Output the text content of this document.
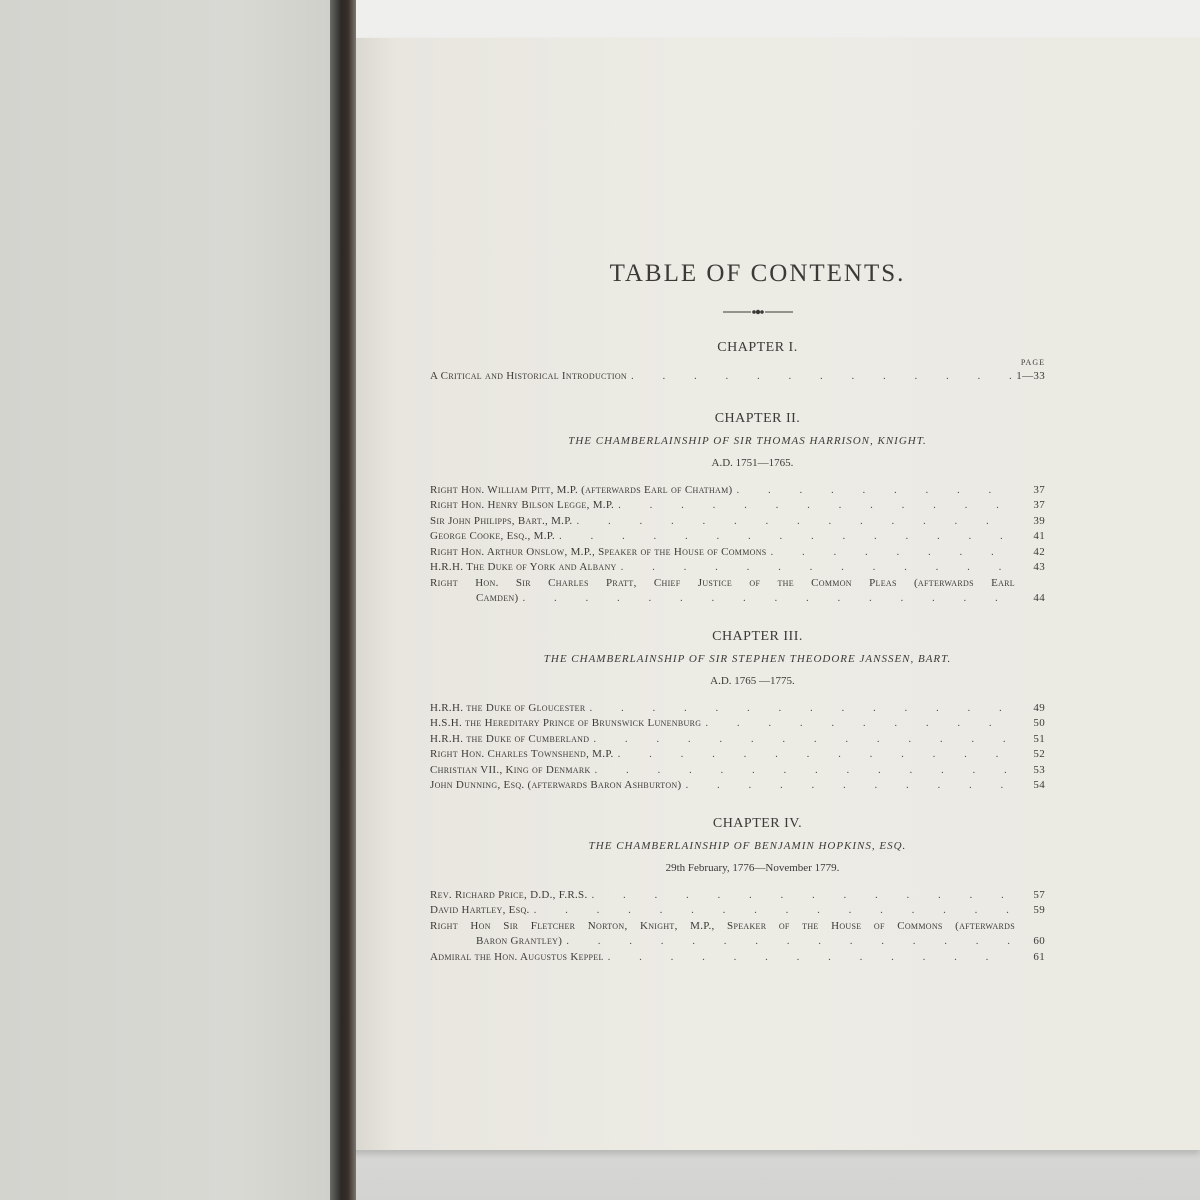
TABLE OF CONTENTS.
CHAPTER I.
PAGE
A Critical and Historical Introduction . . .	1—33
CHAPTER II.
THE CHAMBERLAINSHIP OF SIR THOMAS HARRISON, KNIGHT.
A.D. 1751—1765.
Right Hon. William Pitt, M.P. (afterwards Earl of Chatham) . . .	37
Right Hon. Henry Bilson Legge, M.P. . . .	37
Sir John Philipps, Bart., M.P. . . .	39
George Cooke, Esq., M.P. . . .	41
Right Hon. Arthur Onslow, M.P., Speaker of the House of Commons . . .	42
H.R.H. The Duke of York and Albany . . .	43
Right Hon. Sir Charles Pratt, Chief Justice of the Common Pleas (afterwards Earl
Camden) . . .	44
CHAPTER III.
THE CHAMBERLAINSHIP OF SIR STEPHEN THEODORE JANSSEN, BART.
A.D. 1765 —1775.
H.R.H. the Duke of Gloucester . . .	49
H.S.H. the Hereditary Prince of Brunswick Lunenburg . . .	50
H.R.H. the Duke of Cumberland . . .	51
Right Hon. Charles Townshend, M.P. . . .	52
Christian VII., King of Denmark . . .	53
John Dunning, Esq. (afterwards Baron Ashburton) . . .	54
CHAPTER IV.
THE CHAMBERLAINSHIP OF BENJAMIN HOPKINS, ESQ.
29th February, 1776—November 1779.
Rev. Richard Price, D.D., F.R.S. . . .	57
David Hartley, Esq. . . .	59
Right Hon Sir Fletcher Norton, Knight, M.P., Speaker of the House of Commons (afterwards
Baron Grantley) . . .	60
Admiral the Hon. Augustus Keppel . . .	61
